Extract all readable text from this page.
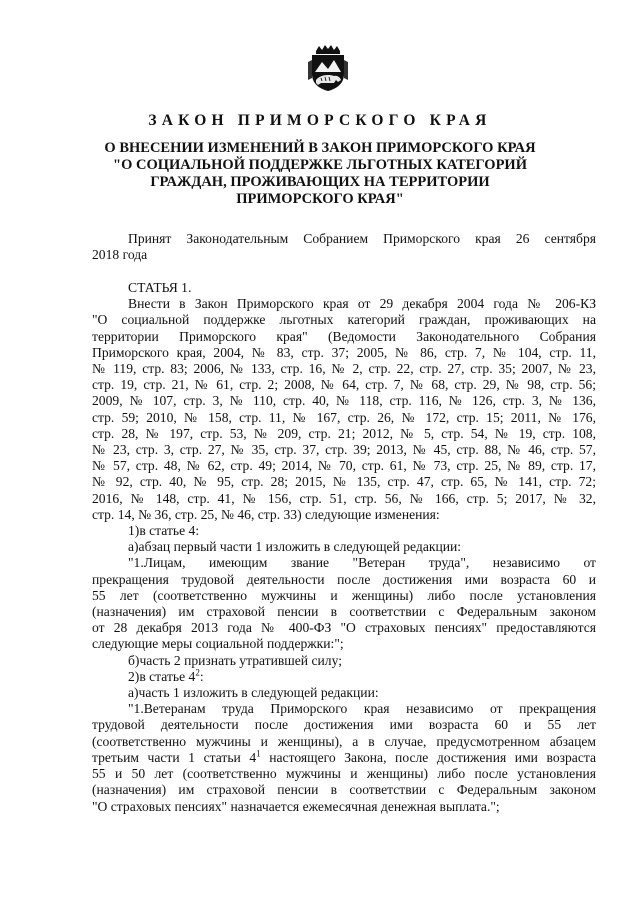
ЗАКОН ПРИМОРСКОГО КРАЯ

О ВНЕСЕНИИ ИЗМЕНЕНИЙ В ЗАКОН ПРИМОРСКОГО КРАЯ

"О СОЦИАЛЬНОЙ ПОДДЕРЖКЕ ЛЬГОТНЫХ КАТЕГОРИЙ

ГРАЖДАН, ПРОЖИВАЮЩИХ НА ТЕРРИТОРИИ

ПРИМОРСКОГО КРАЯ"

Принят Законодательным Собранием Приморского края 26 сентября

2018 года

СТАТЬЯ 1.

Внести в Закон Приморского края от 29 декабря 2004 года № 206-КЗ

"О социальной поддержке льготных категорий граждан, проживающих на

территории Приморского края" (Ведомости Законодательного Собрания

Приморского края, 2004, № 83, стр. 37; 2005, № 86, стр. 7, № 104, стр. 11,

№ 119, стр. 83; 2006, № 133, стр. 16, № 2, стр. 22, стр. 27, стр. 35; 2007, № 23,

стр. 19, стр. 21, № 61, стр. 2; 2008, № 64, стр. 7, № 68, стр. 29, № 98, стр. 56;

2009, № 107, стр. 3, № 110, стр. 40, № 118, стр. 116, № 126, стр. 3, № 136,

стр. 59; 2010, № 158, стр. 11, № 167, стр. 26, № 172, стр. 15; 2011, № 176,

стр. 28, № 197, стр. 53, № 209, стр. 21; 2012, № 5, стр. 54, № 19, стр. 108,

№ 23, стр. 3, стр. 27, № 35, стр. 37, стр. 39; 2013, № 45, стр. 88, № 46, стр. 57,

№ 57, стр. 48, № 62, стр. 49; 2014, № 70, стр. 61, № 73, стр. 25, № 89, стр. 17,

№ 92, стр. 40, № 95, стр. 28; 2015, № 135, стр. 47, стр. 65, № 141, стр. 72;

2016, № 148, стр. 41, № 156, стр. 51, стр. 56, № 166, стр. 5; 2017, № 32,

стр. 14, № 36, стр. 25, № 46, стр. 33) следующие изменения:

1)в статье 4:

а)абзац первый части 1 изложить в следующей редакции:

"1.Лицам, имеющим звание "Ветеран труда", независимо от

прекращения трудовой деятельности после достижения ими возраста 60 и

55 лет (соответственно мужчины и женщины) либо после установления

(назначения) им страховой пенсии в соответствии с Федеральным законом

от 28 декабря 2013 года № 400-ФЗ "О страховых пенсиях" предоставляются

следующие меры социальной поддержки:";

б)часть 2 признать утратившей силу;

2)в статье $4^2$:

а)часть 1 изложить в следующей редакции:

"1.Ветеранам труда Приморского края независимо от прекращения

трудовой деятельности после достижения ими возраста 60 и 55 лет

(соответственно мужчины и женщины), а в случае, предусмотренном абзацем

третьим части 1 статьи $4^1$ настоящего Закона, после достижения ими возраста

55 и 50 лет (соответственно мужчины и женщины) либо после установления

(назначения) им страховой пенсии в соответствии с Федеральным законом

"О страховых пенсиях" назначается ежемесячная денежная выплата.";
